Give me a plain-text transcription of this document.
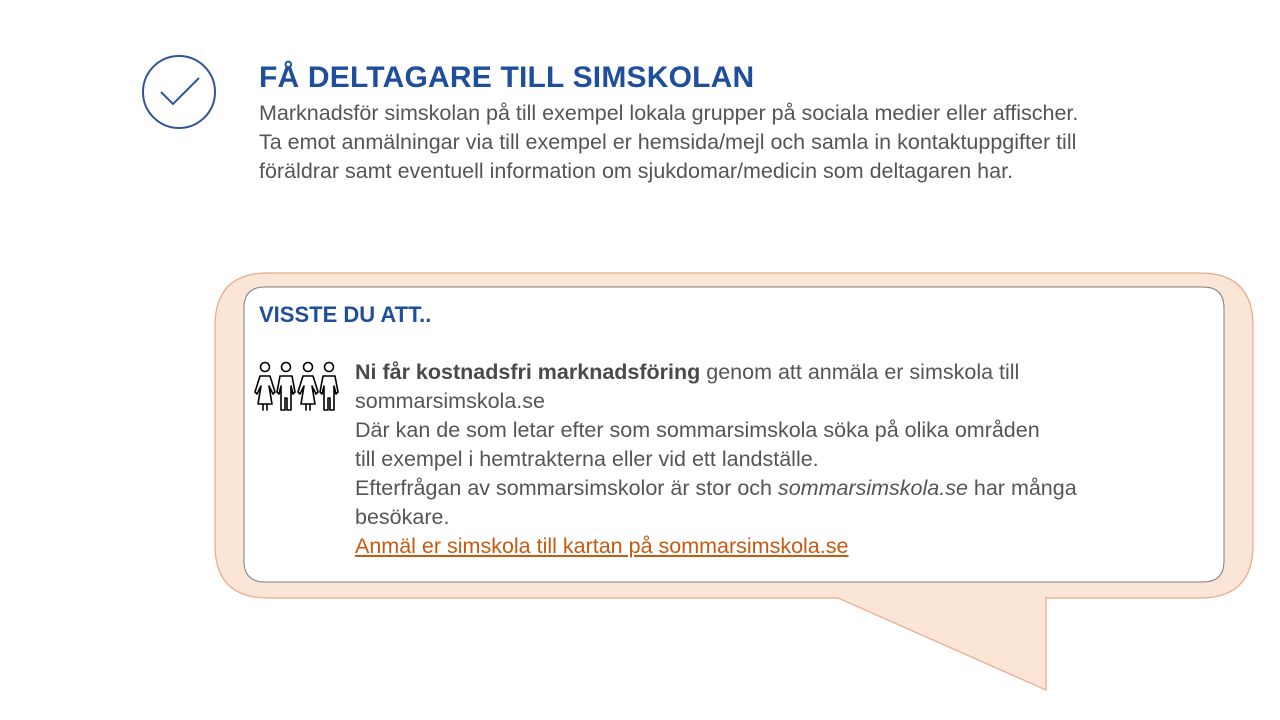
FÅ DELTAGARE TILL SIMSKOLAN

Marknadsför simskolan på till exempel lokala grupper på sociala medier eller affischer.
Ta emot anmälningar via till exempel er hemsida/mejl och samla in kontaktuppgifter till
föräldrar samt eventuell information om sjukdomar/medicin som deltagaren har.

VISSTE DU ATT..

Ni får kostnadsfri marknadsföring genom att anmäla er simskola till
sommarsimskola.se
Där kan de som letar efter som sommarsimskola söka på olika områden
till exempel i hemtrakterna eller vid ett landställe.
Efterfrågan av sommarsimskolor är stor och sommarsimskola.se har många
besökare.
Anmäl er simskola till kartan på sommarsimskola.se
